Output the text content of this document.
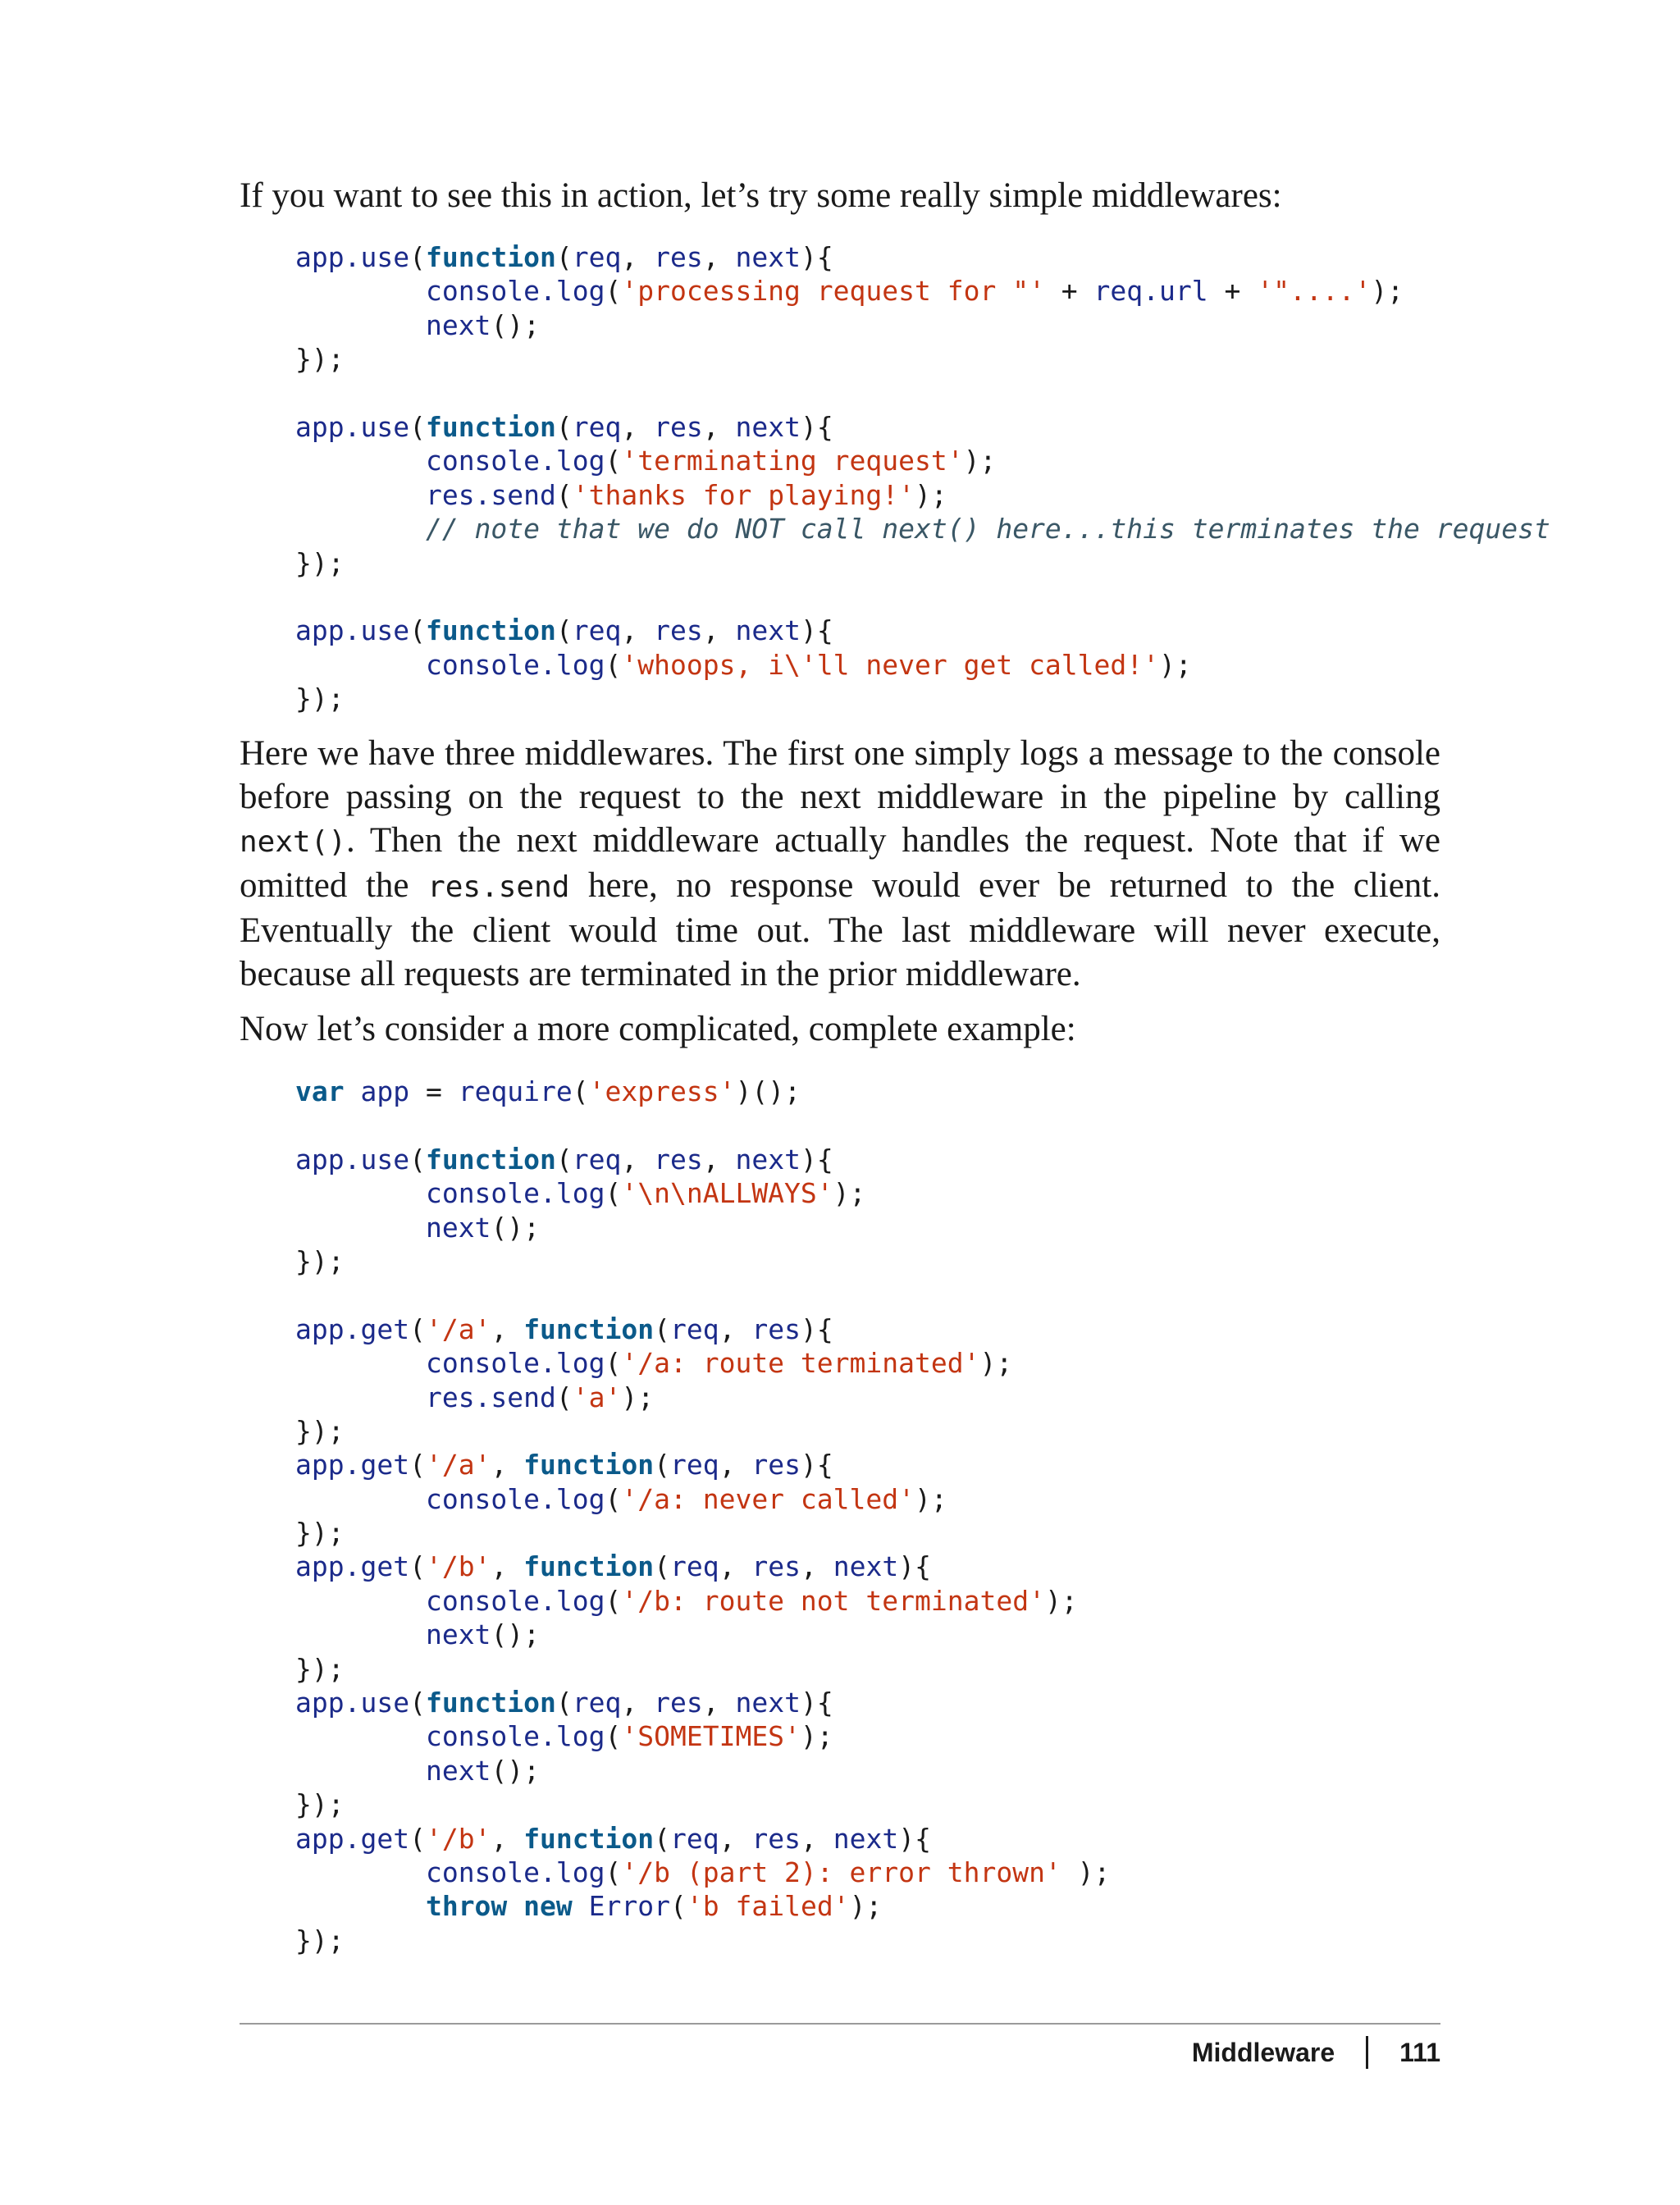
If you want to see this in action, let’s try some really simple middlewares:

app.use(function(req, res, next){
console.log('processing request for "' + req.url + '"....');
next();
});
app.use(function(req, res, next){
console.log('terminating request');
res.send('thanks for playing!');
// note that we do NOT call next() here...this terminates the request
});
app.use(function(req, res, next){
console.log('whoops, i\'ll never get called!');
});

Here we have three middlewares. The first one simply logs a message to the console before passing on the request to the next middleware in the pipeline by calling next(). Then the next middleware actually handles the request. Note that if we omitted the res.send here, no response would ever be returned to the client. Eventually the client would time out. The last middleware will never execute, because all requests are terminated in the prior middleware.

Now let’s consider a more complicated, complete example:

var app = require('express')();
app.use(function(req, res, next){
console.log('\n\nALLWAYS');
next();
});
app.get('/a', function(req, res){
console.log('/a: route terminated');
res.send('a');
});
app.get('/a', function(req, res){
console.log('/a: never called');
});
app.get('/b', function(req, res, next){
console.log('/b: route not terminated');
next();
});
app.use(function(req, res, next){
console.log('SOMETIMES');
next();
});
app.get('/b', function(req, res, next){
console.log('/b (part 2): error thrown' );
throw new Error('b failed');
});
Middleware 111
